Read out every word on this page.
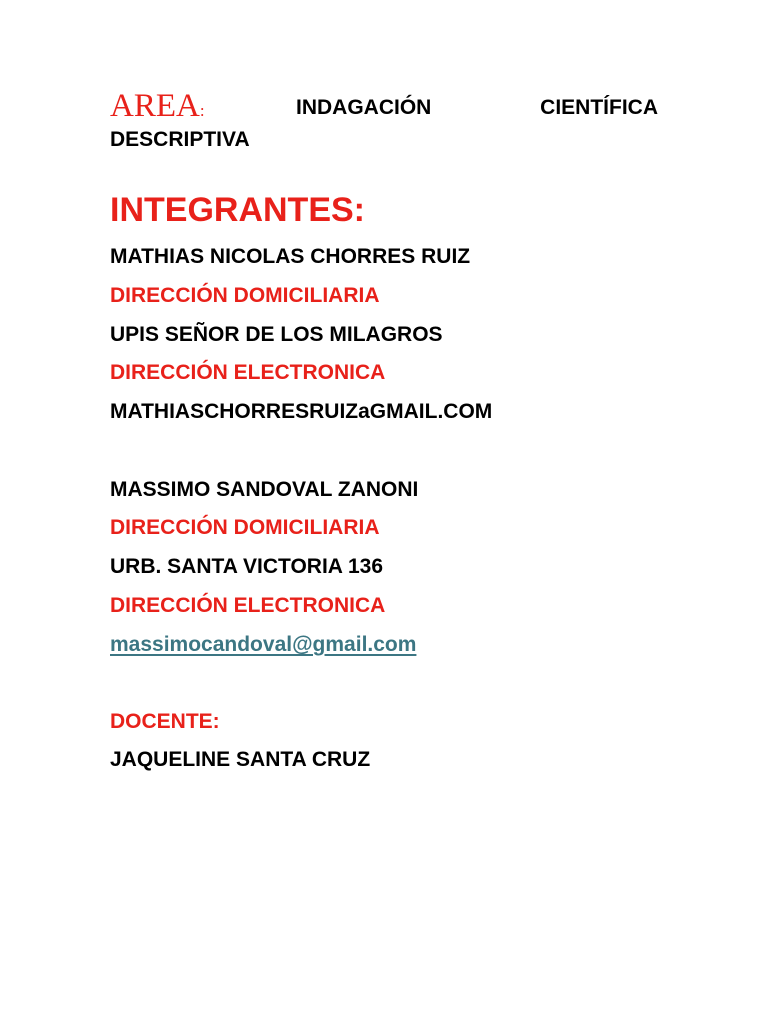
AREA:	INDAGACIÓN	CIENTÍFICA
DESCRIPTIVA
INTEGRANTES:
MATHIAS NICOLAS CHORRES RUIZ
DIRECCIÓN DOMICILIARIA
UPIS SEÑOR DE LOS MILAGROS
DIRECCIÓN ELECTRONICA
MATHIASCHORRESRUIZaGMAIL.COM
MASSIMO SANDOVAL ZANONI
DIRECCIÓN DOMICILIARIA
URB. SANTA VICTORIA 136
DIRECCIÓN ELECTRONICA
massimocandoval@gmail.com
DOCENTE:
JAQUELINE SANTA CRUZ
